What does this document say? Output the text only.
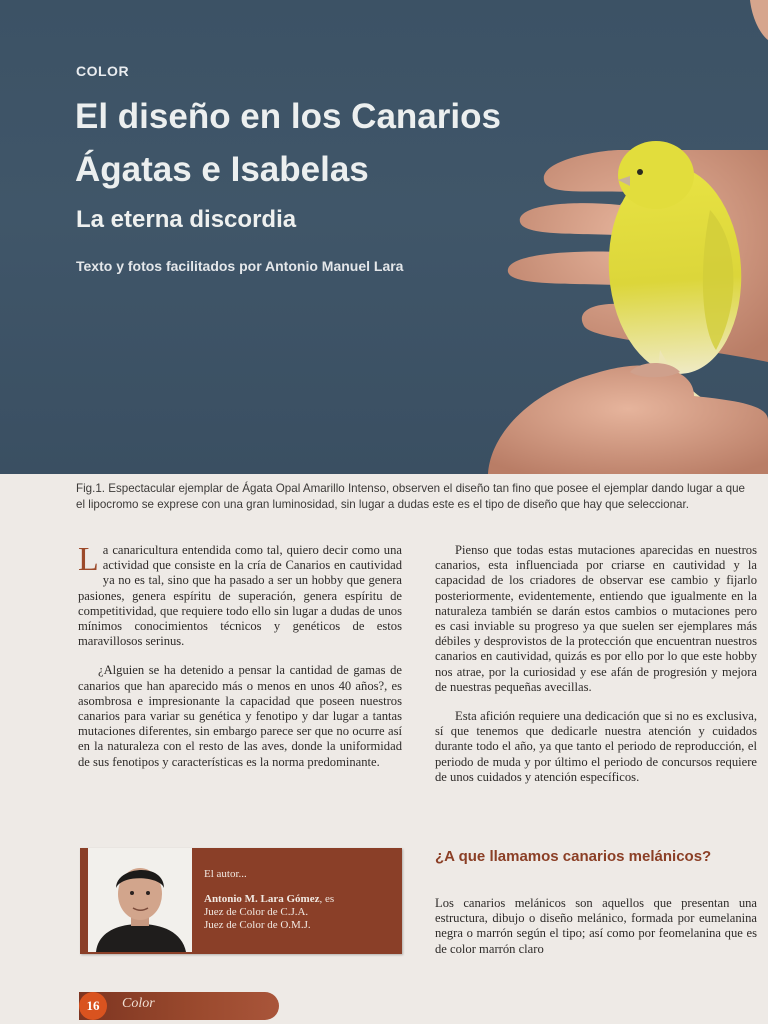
COLOR
El diseño en los Canarios
Ágatas e Isabelas
La eterna discordia
Texto y fotos facilitados por Antonio Manuel Lara
Fig.1. Espectacular ejemplar de Ágata Opal Amarillo Intenso, observen el diseño tan fino que posee el ejemplar dando lugar a que el lipocromo se exprese con una gran luminosidad, sin lugar a dudas este es el tipo de diseño que hay que seleccionar.

La canaricultura entendida como tal, quiero decir como una actividad que consiste en la cría de Canarios en cautividad ya no es tal, sino que ha pasado a ser un hobby que genera pasiones, genera espíritu de superación, genera espíritu de competitividad, que requiere todo ello sin lugar a dudas de unos mínimos conocimientos técnicos y genéticos de estos maravillosos serinus.

¿Alguien se ha detenido a pensar la cantidad de gamas de canarios que han aparecido más o menos en unos 40 años?, es asombrosa e impresionante la capacidad que poseen nuestros canarios para variar su genética y fenotipo y dar lugar a tantas mutaciones diferentes, sin embargo parece ser que no ocurre así en la naturaleza con el resto de las aves, donde la uniformidad de sus fenotipos y características es la norma predominante.

Pienso que todas estas mutaciones aparecidas en nuestros canarios, esta influenciada por criarse en cautividad y la capacidad de los criadores de observar ese cambio y fijarlo posteriormente, evidentemente, entiendo que igualmente en la naturaleza también se darán estos cambios o mutaciones pero es casi inviable su progreso ya que suelen ser ejemplares más débiles y desprovistos de la protección que encuentran nuestros canarios en cautividad, quizás es por ello por lo que este hobby nos atrae, por la curiosidad y ese afán de progresión y mejora de nuestras pequeñas avecillas.

Esta afición requiere una dedicación que si no es exclusiva, sí que tenemos que dedicarle nuestra atención y cuidados durante todo el año, ya que tanto el periodo de reproducción, el periodo de muda y por último el periodo de concursos requiere de unos cuidados y atención específicos.

¿A que llamamos canarios melánicos?

Los canarios melánicos son aquellos que presentan una estructura, dibujo o diseño melánico, formada por eumelanina negra o marrón según el tipo; así como por feomelanina que es de color marrón claro

El autor...
Antonio M. Lara Gómez, es
Juez de Color de C.J.A.
Juez de Color de O.M.J.
16	Color
